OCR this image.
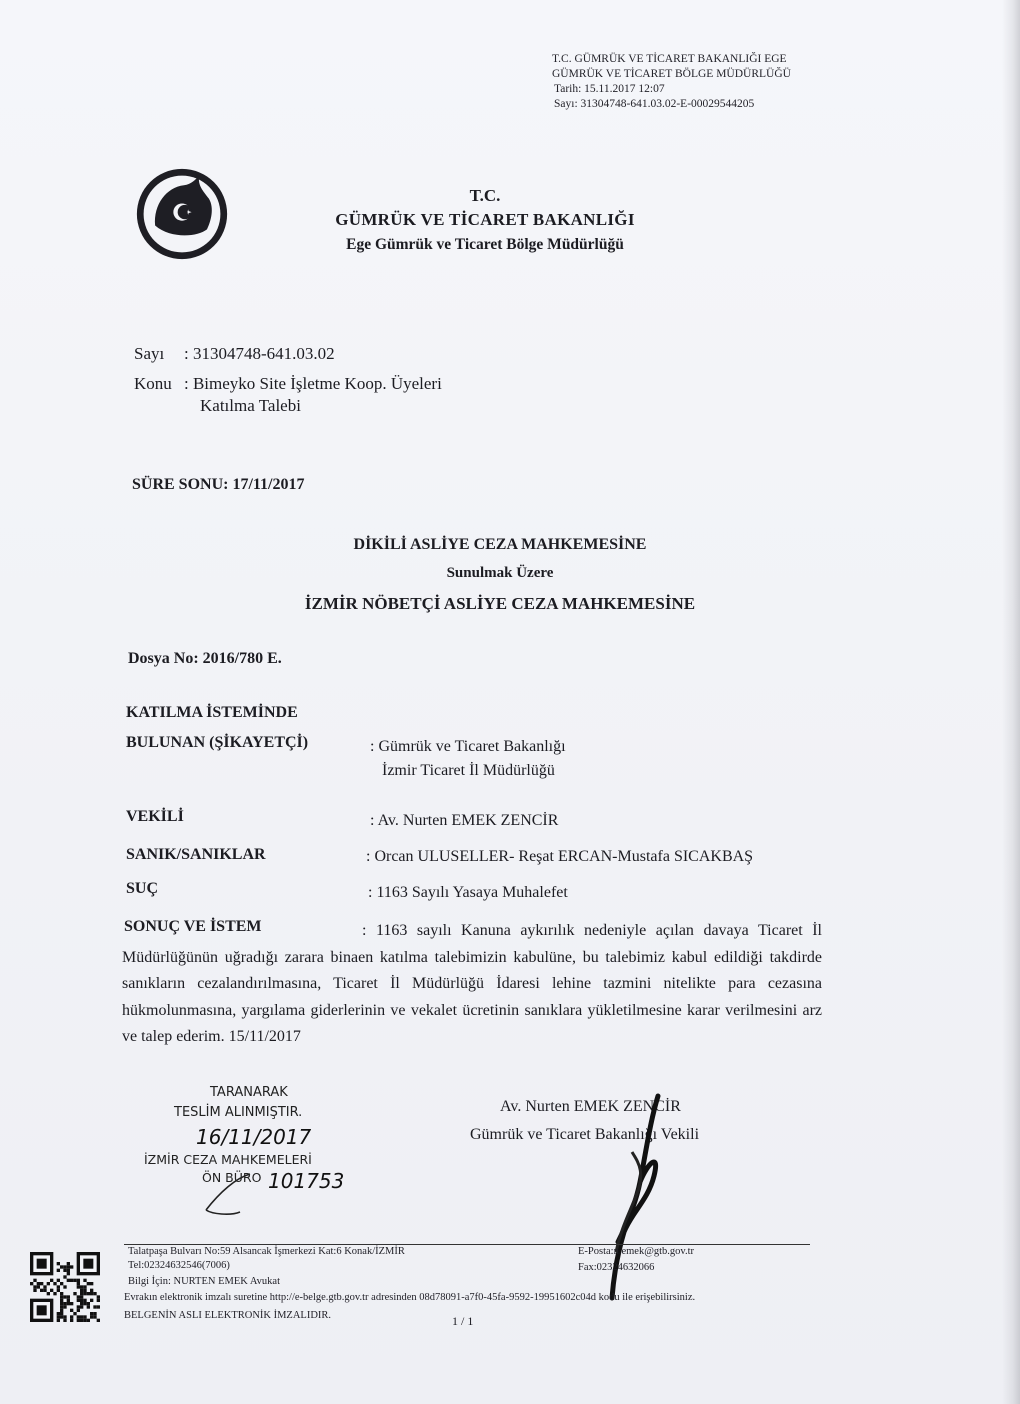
T.C. GÜMRÜK VE TİCARET BAKANLIĞI EGE
GÜMRÜK VE TİCARET BÖLGE MÜDÜRLÜĞÜ
Tarih: 15.11.2017 12:07
Sayı: 31304748-641.03.02-E-00029544205
T.C.
GÜMRÜK VE TİCARET BAKANLIĞI
Ege Gümrük ve Ticaret Bölge Müdürlüğü
Sayı : 31304748-641.03.02
Konu : Bimeyko Site İşletme Koop. Üyeleri
Katılma Talebi
SÜRE SONU: 17/11/2017
DİKİLİ ASLİYE CEZA MAHKEMESİNE
Sunulmak Üzere
İZMİR NÖBETÇİ ASLİYE CEZA MAHKEMESİNE
Dosya No: 2016/780 E.
KATILMA İSTEMİNDE
BULUNAN (ŞİKAYETÇİ)	: Gümrük ve Ticaret Bakanlığı
İzmir Ticaret İl Müdürlüğü
VEKİLİ	: Av. Nurten EMEK ZENCİR
SANIK/SANIKLAR	: Orcan ULUSELLER- Reşat ERCAN-Mustafa SICAKBAŞ
SUÇ	: 1163 Sayılı Yasaya Muhalefet
SONUÇ VE İSTEM	: 1163 sayılı Kanuna aykırılık nedeniyle açılan davaya Ticaret İl Müdürlüğünün uğradığı zarara binaen katılma talebimizin kabulüne, bu talebimiz kabul edildiği takdirde sanıkların cezalandırılmasına, Ticaret İl Müdürlüğü İdaresi lehine tazmini nitelikte para cezasına hükmolunmasına, yargılama giderlerinin ve vekalet ücretinin sanıklara yükletilmesine karar verilmesini arz ve talep ederim. 15/11/2017
Av. Nurten EMEK ZENCİR
Gümrük ve Ticaret Bakanlığı Vekili
TARANARAK
TESLİM ALINMIŞTIR.
16/11/2017
İZMİR CEZA MAHKEMELERİ
ÖN BÜRO 101753
Talatpaşa Bulvarı No:59 Alsancak İşmerkezi Kat:6 Konak/İZMİR
Tel:02324632546(7006)
Bilgi İçin: NURTEN EMEK Avukat
Evrakın elektronik imzalı suretine http://e-belge.gtb.gov.tr adresinden 08d78091-a7f0-45fa-9592-19951602c04d kodu ile erişebilirsiniz.
BELGENİN ASLI ELEKTRONİK İMZALIDIR.
E-Posta:n.emek@gtb.gov.tr
Fax:02324632066
1 / 1
